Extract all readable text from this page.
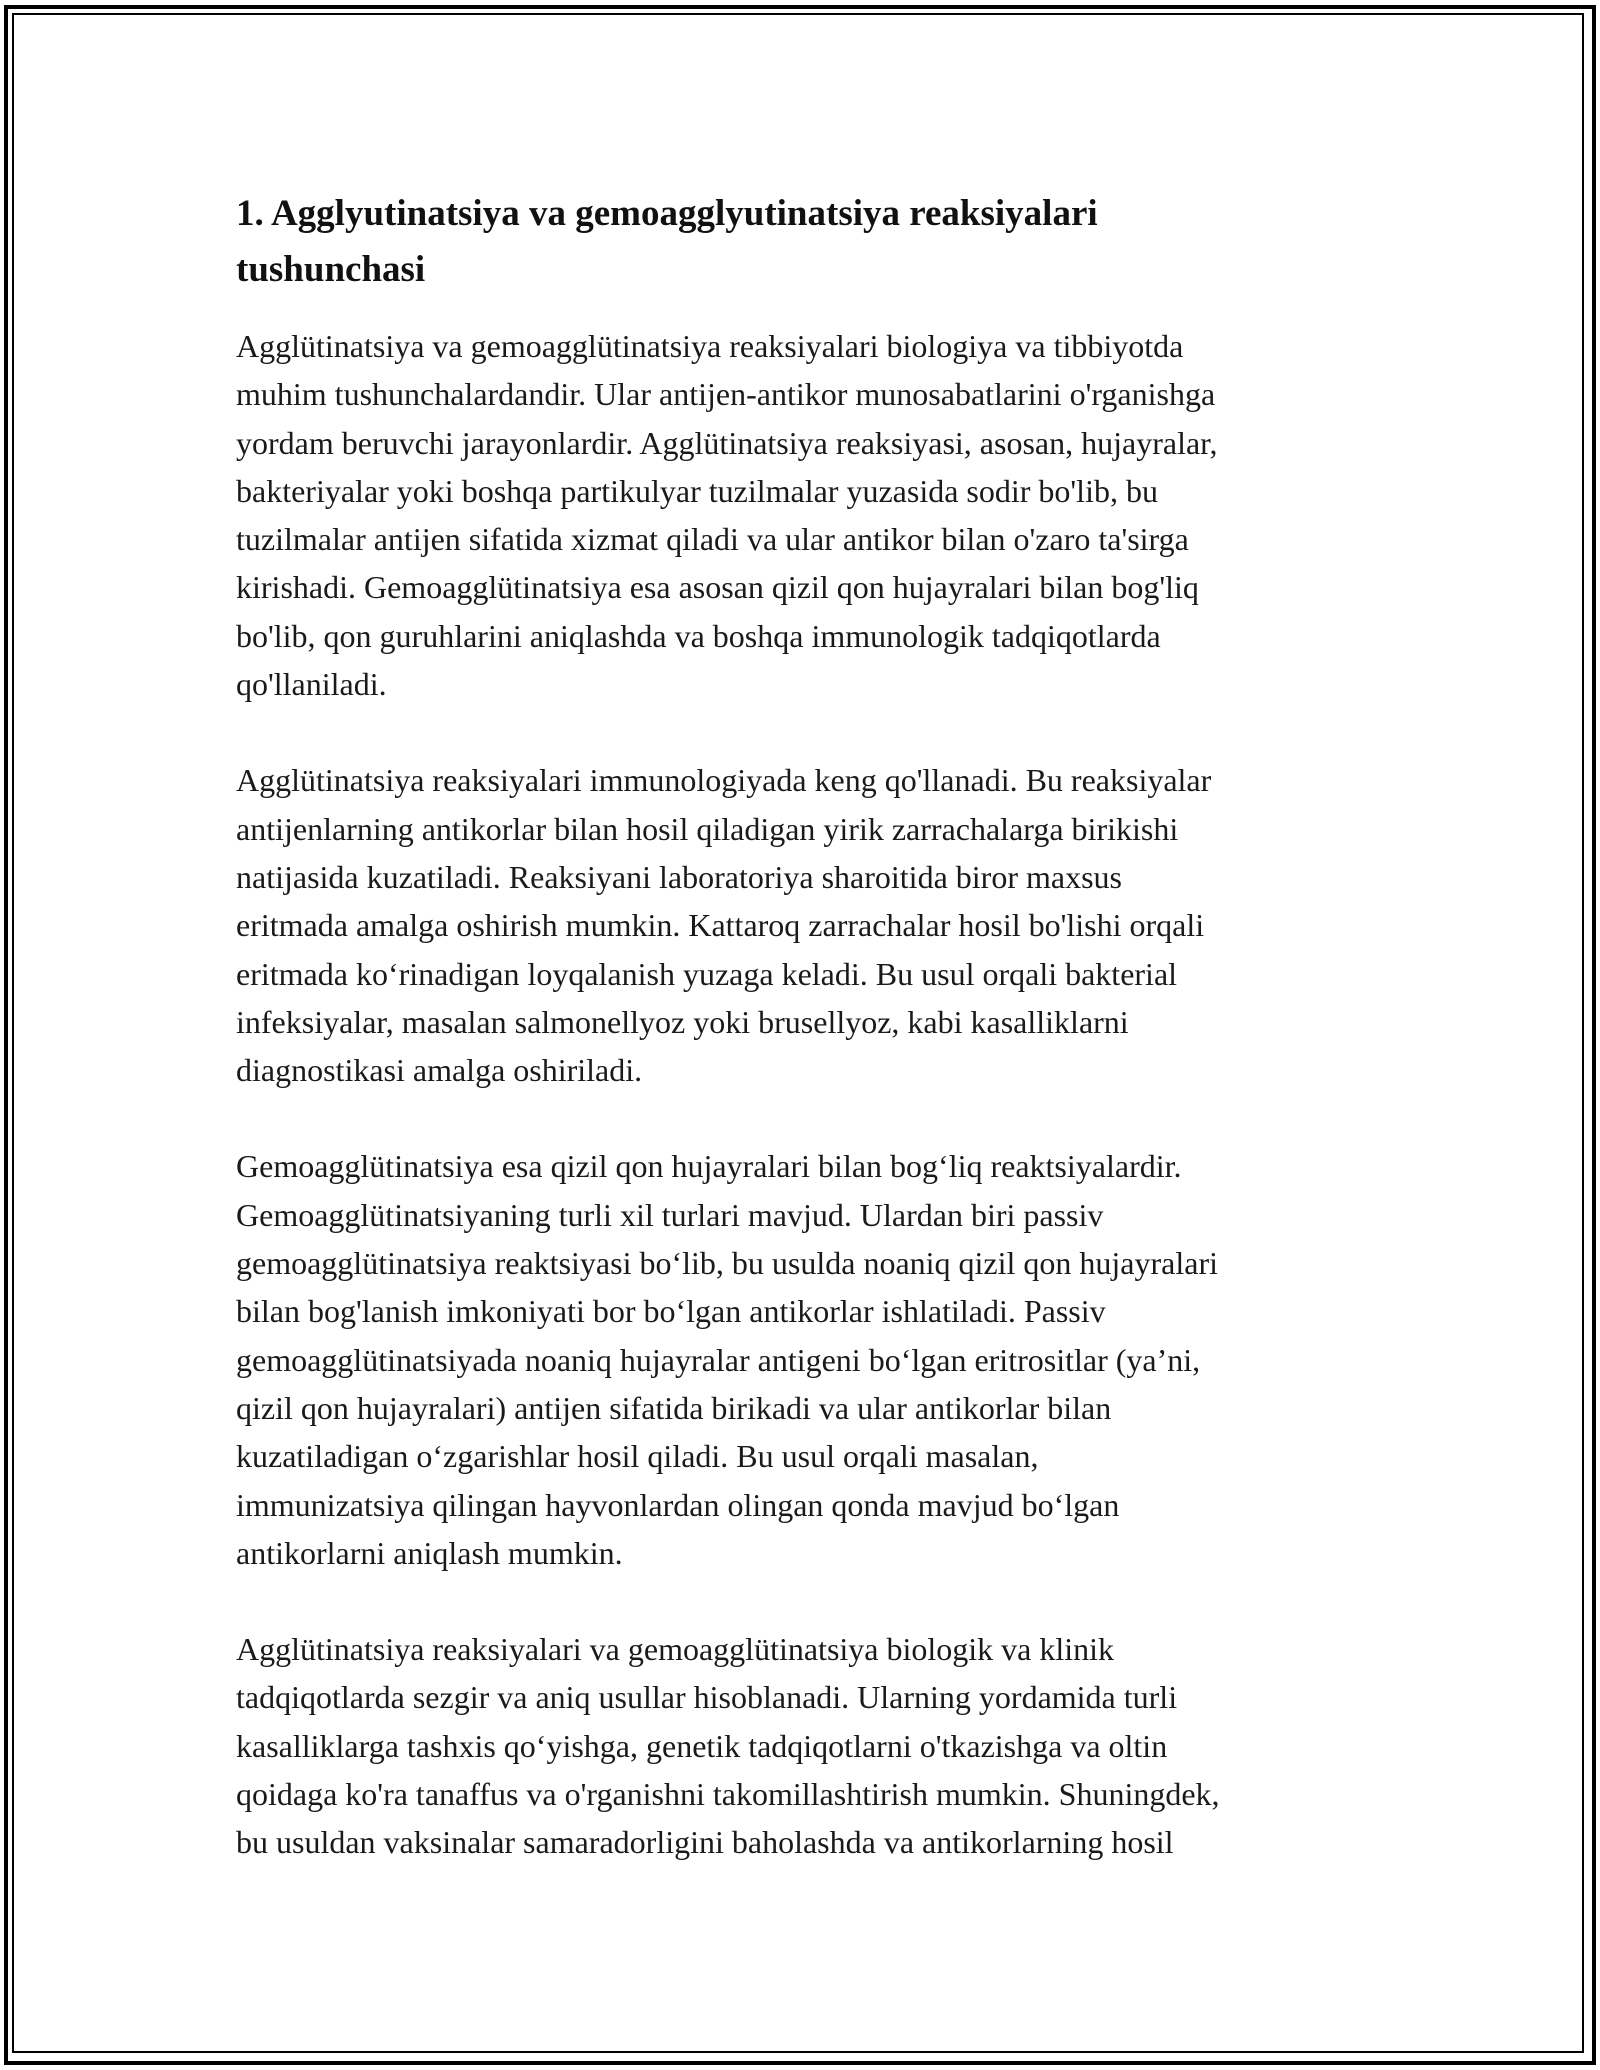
1. Agglyutinatsiya va gemoagglyutinatsiya reaksiyalari
tushunchasi

Agglütinatsiya va gemoagglütinatsiya reaksiyalari biologiya va tibbiyotda
muhim tushunchalardandir. Ular antijen-antikor munosabatlarini o'rganishga
yordam beruvchi jarayonlardir. Agglütinatsiya reaksiyasi, asosan, hujayralar,
bakteriyalar yoki boshqa partikulyar tuzilmalar yuzasida sodir bo'lib, bu
tuzilmalar antijen sifatida xizmat qiladi va ular antikor bilan o'zaro ta'sirga
kirishadi. Gemoagglütinatsiya esa asosan qizil qon hujayralari bilan bog'liq
bo'lib, qon guruhlarini aniqlashda va boshqa immunologik tadqiqotlarda
qo'llaniladi.

Agglütinatsiya reaksiyalari immunologiyada keng qo'llanadi. Bu reaksiyalar
antijenlarning antikorlar bilan hosil qiladigan yirik zarrachalarga birikishi
natijasida kuzatiladi. Reaksiyani laboratoriya sharoitida biror maxsus
eritmada amalga oshirish mumkin. Kattaroq zarrachalar hosil bo'lishi orqali
eritmada koʻrinadigan loyqalanish yuzaga keladi. Bu usul orqali bakterial
infeksiyalar, masalan salmonellyoz yoki brusellyoz, kabi kasalliklarni
diagnostikasi amalga oshiriladi.

Gemoagglütinatsiya esa qizil qon hujayralari bilan bogʻliq reaktsiyalardir.
Gemoagglütinatsiyaning turli xil turlari mavjud. Ulardan biri passiv
gemoagglütinatsiya reaktsiyasi boʻlib, bu usulda noaniq qizil qon hujayralari
bilan bog'lanish imkoniyati bor boʻlgan antikorlar ishlatiladi. Passiv
gemoagglütinatsiyada noaniq hujayralar antigeni boʻlgan eritrositlar (ya’ni,
qizil qon hujayralari) antijen sifatida birikadi va ular antikorlar bilan
kuzatiladigan oʻzgarishlar hosil qiladi. Bu usul orqali masalan,
immunizatsiya qilingan hayvonlardan olingan qonda mavjud boʻlgan
antikorlarni aniqlash mumkin.

Agglütinatsiya reaksiyalari va gemoagglütinatsiya biologik va klinik
tadqiqotlarda sezgir va aniq usullar hisoblanadi. Ularning yordamida turli
kasalliklarga tashxis qoʻyishga, genetik tadqiqotlarni o'tkazishga va oltin
qoidaga ko'ra tanaffus va o'rganishni takomillashtirish mumkin. Shuningdek,
bu usuldan vaksinalar samaradorligini baholashda va antikorlarning hosil
